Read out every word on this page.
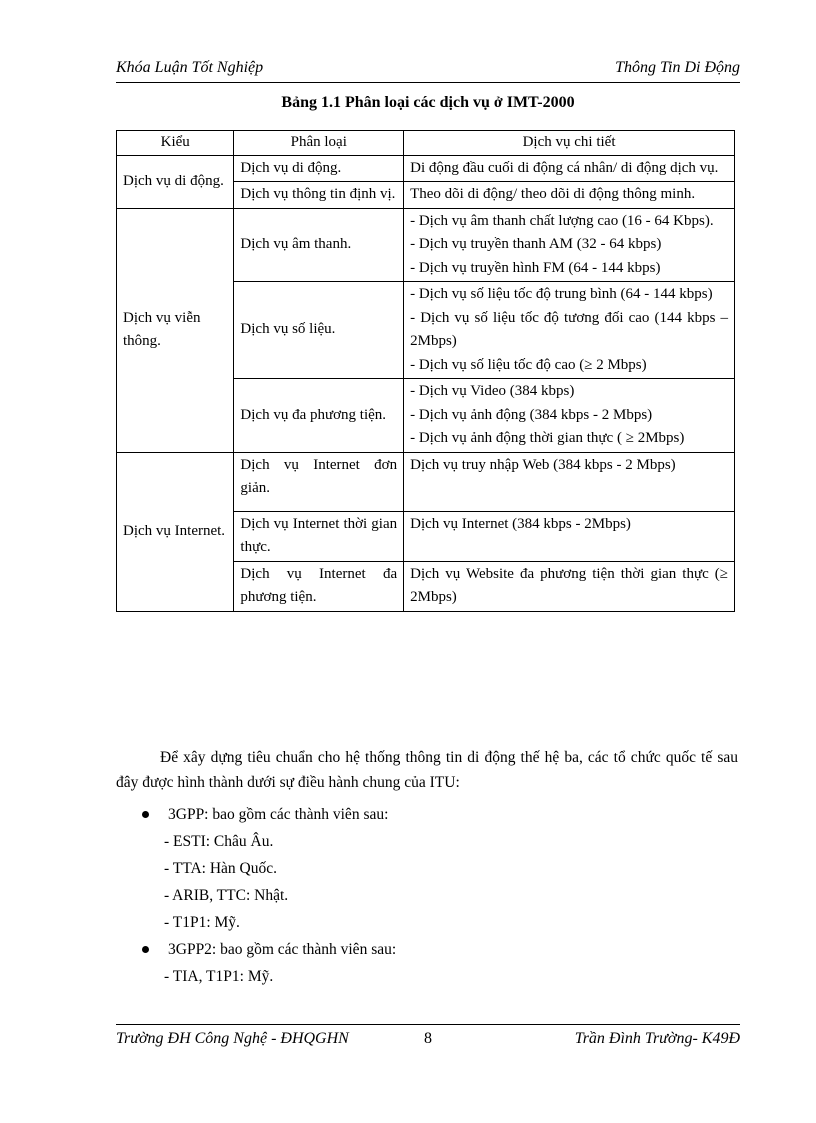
Khóa Luận Tốt Nghiệp	Thông Tin Di Động
Bảng 1.1 Phân loại các dịch vụ ở IMT-2000
Kiểu	Phân loại	Dịch vụ chi tiết
Dịch vụ di động.	Dịch vụ di động.	Di động đầu cuối di động cá nhân/ di động dịch vụ.

	Dịch vụ thông tin định vị.	Theo dõi di động/ theo dõi di động thông minh.

Dịch vụ viễn thông.	Dịch vụ âm thanh.	- Dịch vụ âm thanh chất lượng cao (16 - 64 Kbps).
- Dịch vụ truyền thanh AM (32 - 64 kbps)
- Dịch vụ truyền hình FM (64 - 144 kbps)

	Dịch vụ số liệu.	- Dịch vụ số liệu tốc độ trung bình (64 - 144 kbps)
- Dịch vụ số liệu tốc độ tương đối cao (144 kbps – 2Mbps)
- Dịch vụ số liệu tốc độ cao (≥ 2 Mbps)

	Dịch vụ đa phương tiện.	- Dịch vụ Video (384 kbps)
- Dịch vụ ảnh động (384 kbps - 2 Mbps)
- Dịch vụ ảnh động thời gian thực ( ≥ 2Mbps)

Dịch vụ Internet.	Dịch vụ Internet đơn giản.	Dịch vụ truy nhập Web (384 kbps - 2 Mbps)

	Dịch vụ Internet thời gian thực.	Dịch vụ Internet (384 kbps - 2Mbps)

	Dịch vụ Internet đa phương tiện.	Dịch vụ Website đa phương tiện thời gian thực (≥ 2Mbps)
Để xây dựng tiêu chuẩn cho hệ thống thông tin di động thế hệ ba, các tổ chức quốc tế sau đây được hình thành dưới sự điều hành chung của ITU:
3GPP: bao gồm các thành viên sau:
- ESTI: Châu Âu.
- TTA: Hàn Quốc.
- ARIB, TTC: Nhật.
- T1P1: Mỹ.
3GPP2: bao gồm các thành viên sau:
- TIA, T1P1: Mỹ.
Trường ĐH Công Nghệ - ĐHQGHN	8	Trần Đình Trường- K49Đ
